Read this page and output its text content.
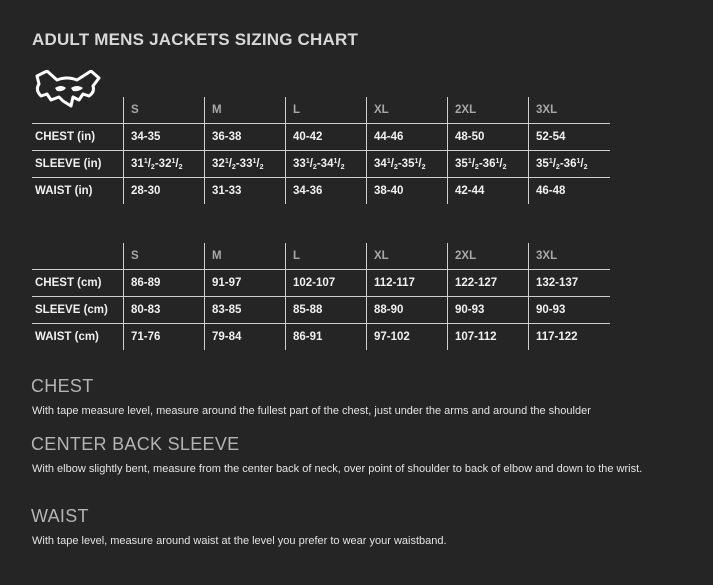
ADULT MENS JACKETS SIZING CHART
	S	M	L	XL	2XL	3XL
CHEST (in)	34-35	36-38	40-42	44-46	48-50	52-54
SLEEVE (in)	$31^1/_2-32^1/_2$	$32^1/_2-33^1/_2$	$33^1/_2-34^1/_2$	$34^1/_2-35^1/_2$	$35^1/_2-36^1/_2$	$35^1/_2-36^1/_2$
WAIST (in)	28-30	31-33	34-36	38-40	42-44	46-48
	S	M	L	XL	2XL	3XL
CHEST (cm)	86-89	91-97	102-107	112-117	122-127	132-137
SLEEVE (cm)	80-83	83-85	85-88	88-90	90-93	90-93
WAIST (cm)	71-76	79-84	86-91	97-102	107-112	117-122
CHEST
With tape measure level, measure around the fullest part of the chest, just under the arms and around the shoulder
CENTER BACK SLEEVE
With elbow slightly bent, measure from the center back of neck, over point of shoulder to back of elbow and down to the wrist.
WAIST
With tape level, measure around waist at the level you prefer to wear your waistband.
